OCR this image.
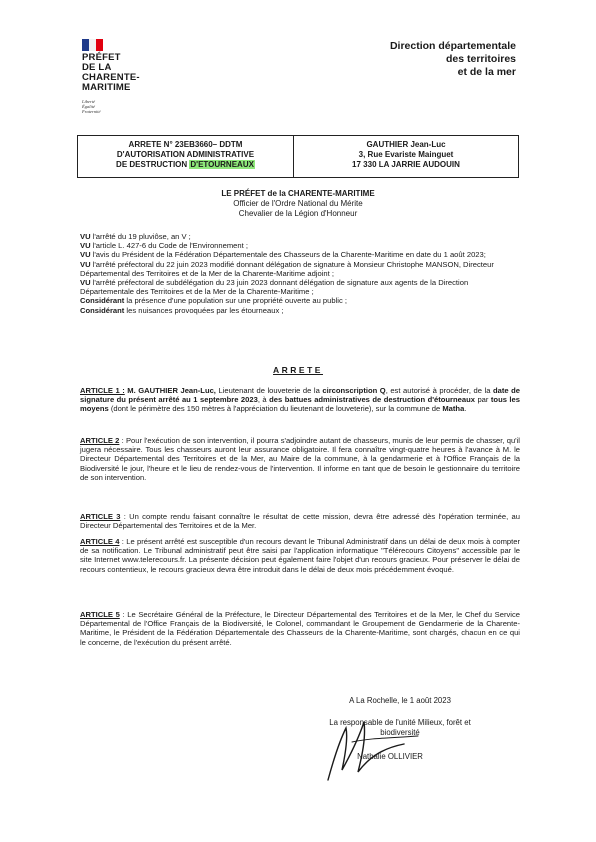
PRÉFET
DE LA
CHARENTE-
MARITIME
Liberté
Égalité
Fraternité
Direction départementale
des territoires
et de la mer
ARRETE N° 23EB3660– DDTM
D'AUTORISATION ADMINISTRATIVE
DE DESTRUCTION D'ETOURNEAUX
GAUTHIER Jean-Luc
3, Rue Evariste Mainguet
17 330 LA JARRIE AUDOUIN
LE PRÉFET de la CHARENTE-MARITIME
Officier de l'Ordre National du Mérite
Chevalier de la Légion d'Honneur

VU l'arrêté du 19 pluviôse, an V ;

VU l'article L. 427-6 du Code de l'Environnement ;

VU l'avis du Président de la Fédération Départementale des Chasseurs de la Charente-Maritime en date du 1 août 2023;

VU l'arrêté préfectoral du 22 juin 2023 modifié donnant délégation de signature à Monsieur Christophe MANSON, Directeur Départemental des Territoires et de la Mer de la Charente-Maritime adjoint ;

VU l'arrêté préfectoral de subdélégation du 23 juin 2023 donnant délégation de signature aux agents de la Direction Départementale des Territoires et de la Mer de la Charente-Maritime ;

Considérant la présence d'une population sur une propriété ouverte au public ;

Considérant les nuisances provoquées par les étourneaux ;

ARRETE

ARTICLE 1 : M. GAUTHIER Jean-Luc, Lieutenant de louveterie de la circonscription Q, est autorisé à procéder, de la date de signature du présent arrêté au 1 septembre 2023, à des battues administratives de destruction d'étourneaux par tous les moyens (dont le périmètre des 150 mètres à l'appréciation du lieutenant de louveterie), sur la commune de Matha.

ARTICLE 2 : Pour l'exécution de son intervention, il pourra s'adjoindre autant de chasseurs, munis de leur permis de chasser, qu'il jugera nécessaire. Tous les chasseurs auront leur assurance obligatoire. Il fera connaître vingt-quatre heures à l'avance à M. le Directeur Départemental des Territoires et de la Mer, au Maire de la commune, à la gendarmerie et à l'Office Français de la Biodiversité le jour, l'heure et le lieu de rendez-vous de l'intervention. Il informe en tant que de besoin le gestionnaire du territoire de son intervention.

ARTICLE 3 : Un compte rendu faisant connaître le résultat de cette mission, devra être adressé dès l'opération terminée, au Directeur Départemental des Territoires et de la Mer.

ARTICLE 4 : Le présent arrêté est susceptible d'un recours devant le Tribunal Administratif dans un délai de deux mois à compter de sa notification. Le Tribunal administratif peut être saisi par l'application informatique "Télérecours Citoyens" accessible par le site Internet www.telerecours.fr. La présente décision peut également faire l'objet d'un recours gracieux. Pour préserver le délai de recours contentieux, le recours gracieux devra être introduit dans le délai de deux mois précédemment évoqué.

ARTICLE 5 : Le Secrétaire Général de la Préfecture, le Directeur Départemental des Territoires et de la Mer, le Chef du Service Départemental de l'Office Français de la Biodiversité, le Colonel, commandant le Groupement de Gendarmerie de la Charente-Maritime, le Président de la Fédération Départementale des Chasseurs de la Charente-Maritime, sont chargés, chacun en ce qui le concerne, de l'exécution du présent arrêté.

A La Rochelle, le 1 août 2023
La responsable de l'unité Milieux, forêt et
biodiversité
Nathalie OLLIVIER
